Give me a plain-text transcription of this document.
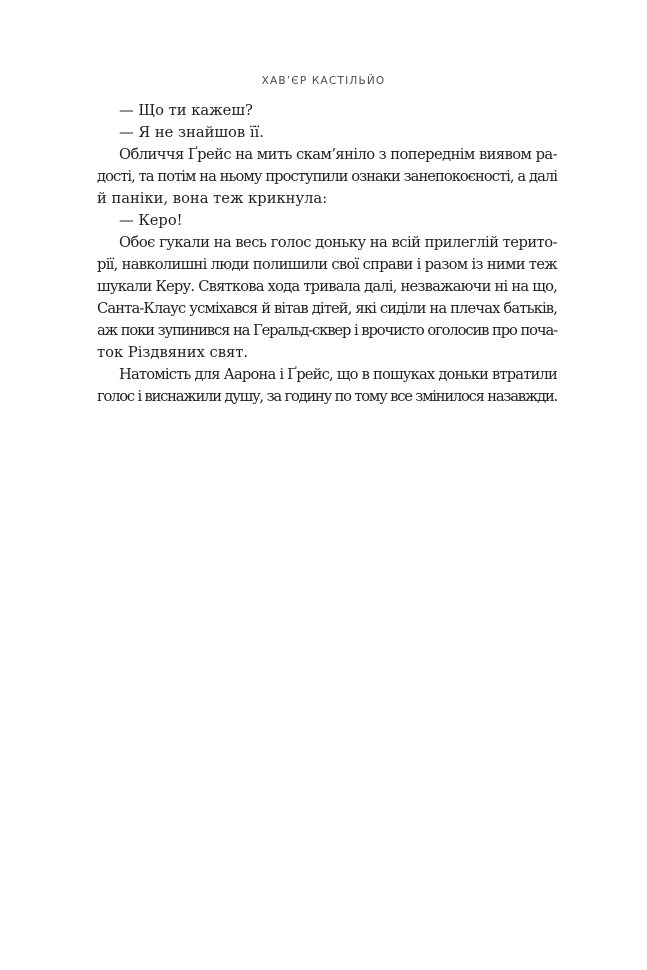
ХАВ’ЄР КАСТІЛЬЙО
— Що ти кажеш?
— Я не знайшов її.
Обличчя Ґрейс на мить скам’яніло з попереднім виявом ра-
дості, та потім на ньому проступили ознаки занепокоєності, а далі
й паніки, вона теж крикнула:
— Керо!
Обоє гукали на весь голос доньку на всій прилеглій терито-
рії, навколишні люди полишили свої справи і разом із ними теж
шукали Керу. Святкова хода тривала далі, незважаючи ні на що,
Санта-Клаус усміхався й вітав дітей, які сиділи на плечах батьків,
аж поки зупинився на Геральд-сквер і врочисто оголосив про поча-
ток Різдвяних свят.
Натомість для Аарона і Ґрейс, що в пошуках доньки втратили
голос і виснажили душу, за годину по тому все змінилося назавжди.
